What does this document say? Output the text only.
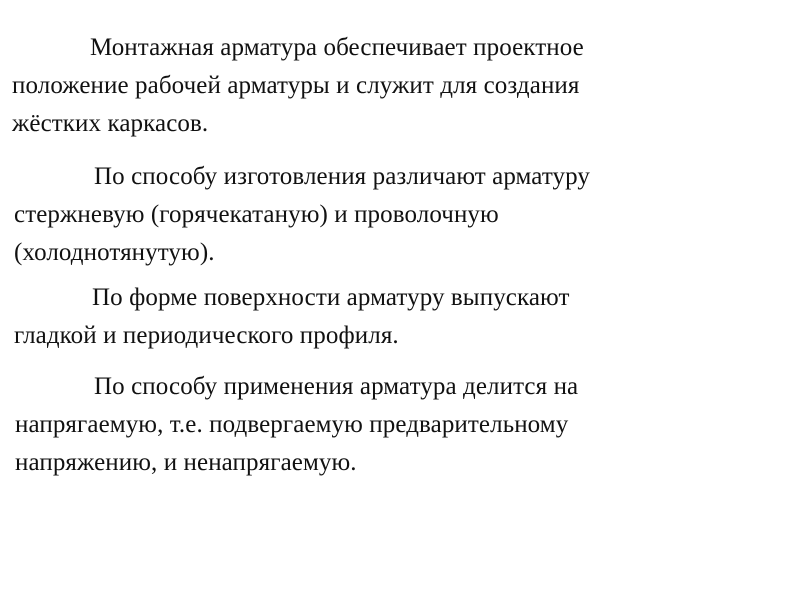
Монтажная арматура обеспечивает проектное
положение рабочей арматуры и служит для создания
жёстких каркасов.
По способу изготовления различают арматуру
стержневую (горячекатаную) и проволочную
(холоднотянутую).
По форме поверхности арматуру выпускают
гладкой и периодического профиля.
По способу применения арматура делится на
напрягаемую, т.е. подвергаемую предварительному
напряжению, и ненапрягаемую.
